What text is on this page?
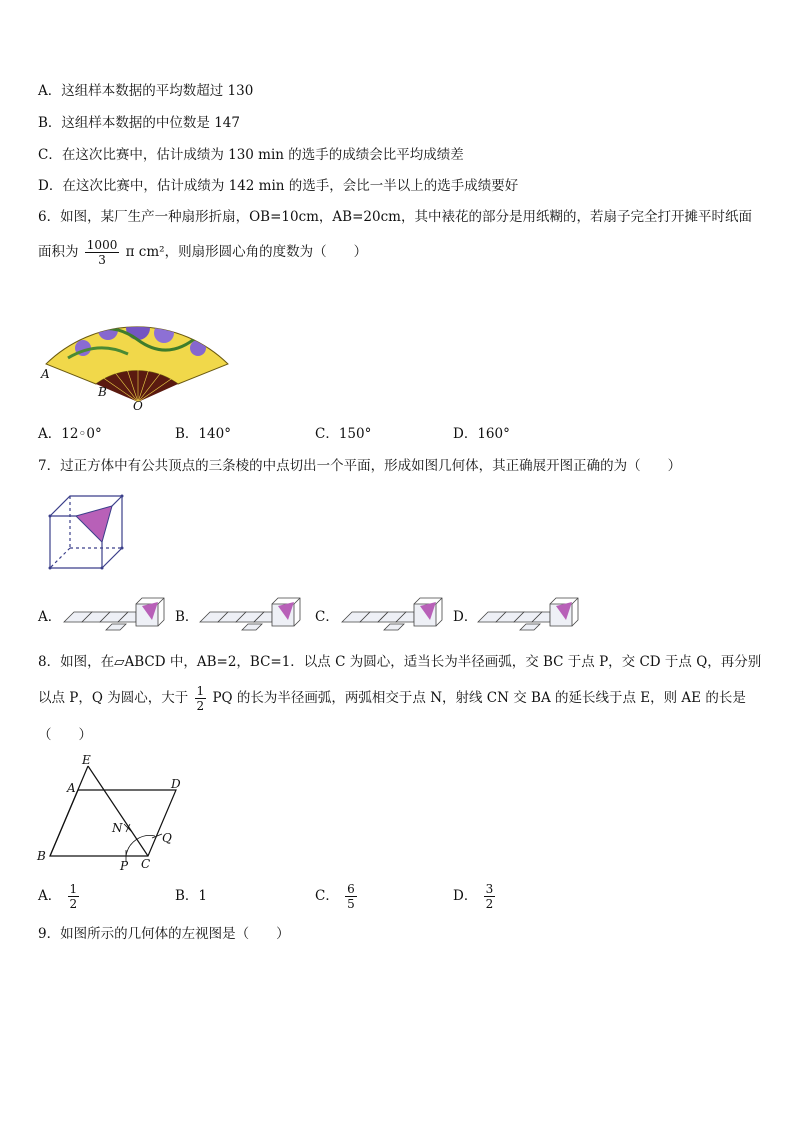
A．这组样本数据的平均数超过 130
B．这组样本数据的中位数是 147
C．在这次比赛中，估计成绩为 130 min 的选手的成绩会比平均成绩差
D．在这次比赛中，估计成绩为 142 min 的选手，会比一半以上的选手成绩要好
6．如图，某厂生产一种扇形折扇，OB=10cm，AB=20cm，其中裱花的部分是用纸糊的，若扇子完全打开摊平时纸面
面积为 $\frac{1000}{3}$ π cm²，则扇形圆心角的度数为（　　）
A
B
O
A．12◦0°	B．140°	C．150°	D．160°
7．过正方体中有公共顶点的三条棱的中点切出一个平面，形成如图几何体，其正确展开图正确的为（　　）
A．	B．	C．	D．
8．如图，在▱ABCD 中，AB=2，BC=1．以点 C 为圆心，适当长为半径画弧，交 BC 于点 P，交 CD 于点 Q，再分别
以点 P，Q 为圆心，大于 $\frac{1}{2}$ PQ 的长为半径画弧，两弧相交于点 N，射线 CN 交 BA 的延长线于点 E，则 AE 的长是
（　　）
E
A	D
N
Q
B
P C
A． $\frac{1}{2}$	B．1	C． $\frac{6}{5}$	D． $\frac{3}{2}$
9．如图所示的几何体的左视图是（　　）
